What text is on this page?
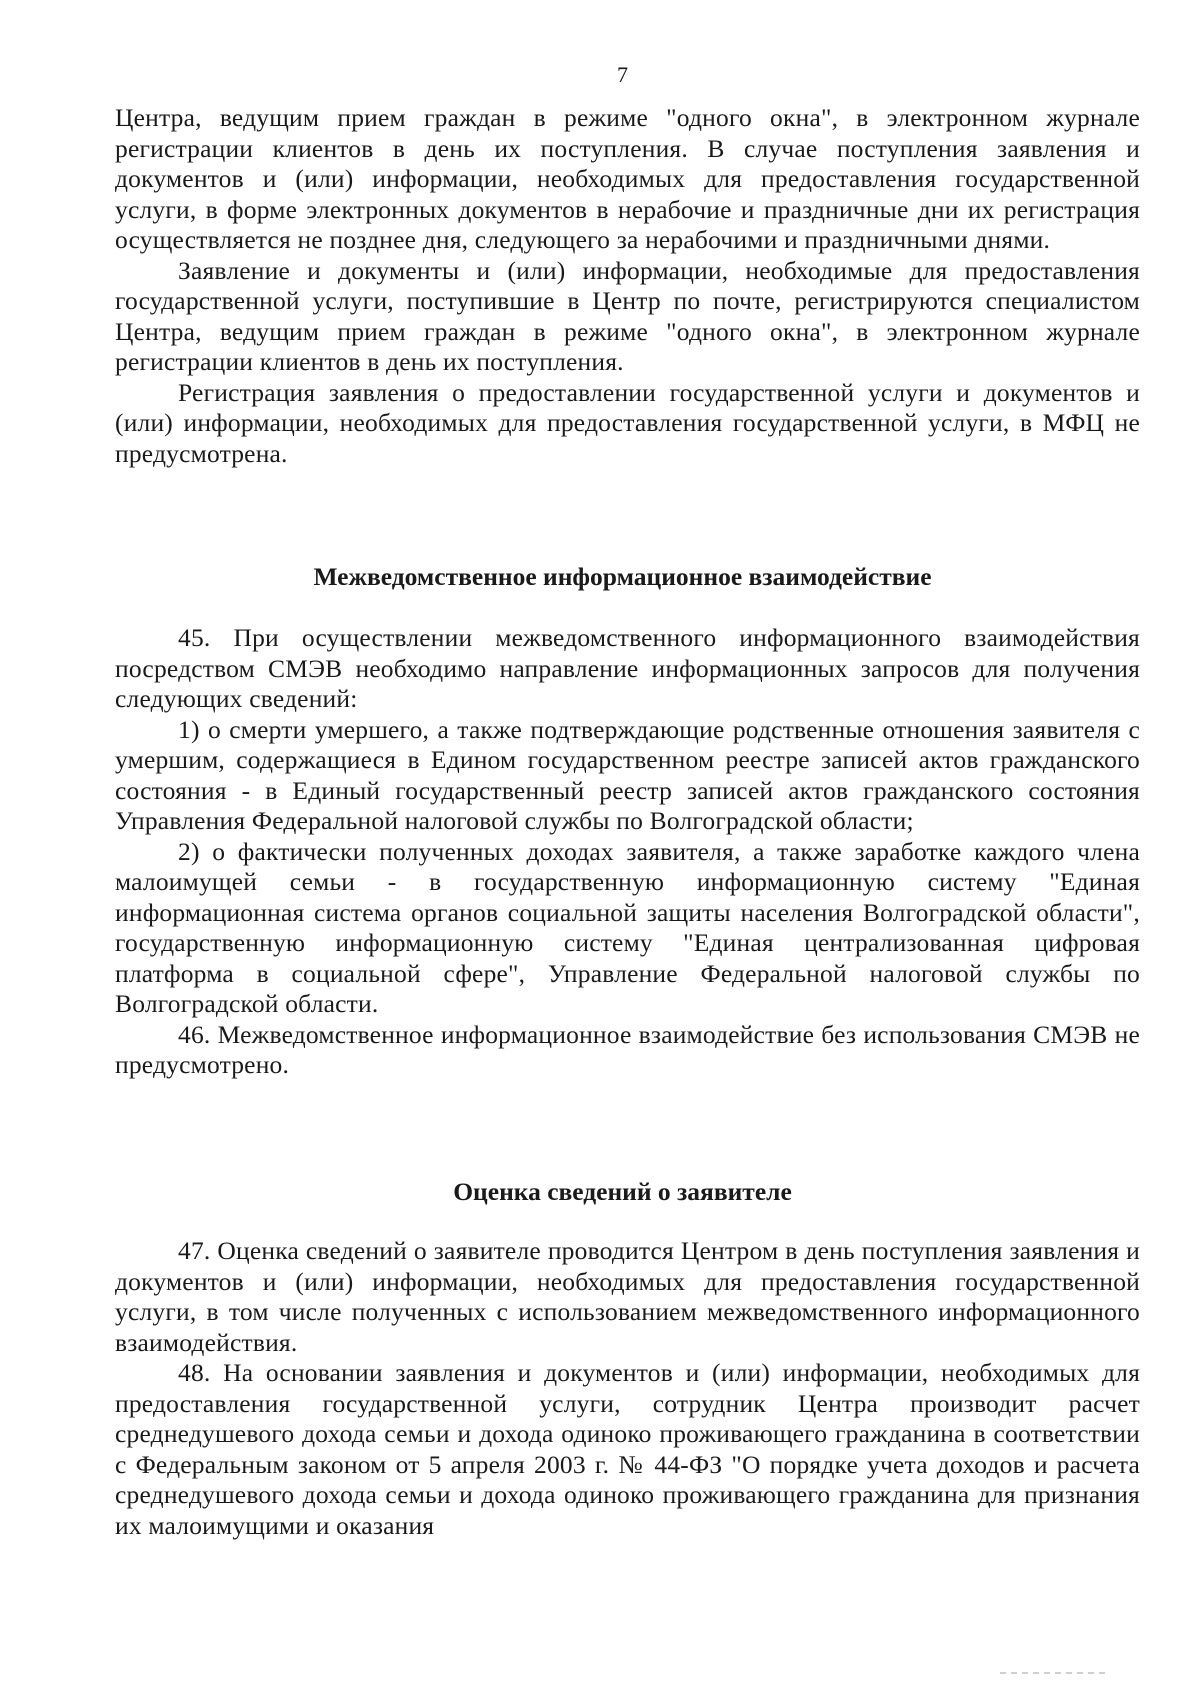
7

Центра, ведущим прием граждан в режиме "одного окна", в электронном журнале регистрации клиентов в день их поступления. В случае поступления заявления и документов и (или) информации, необходимых для предоставления государственной услуги, в форме электронных документов в нерабочие и праздничные дни их регистрация осуществляется не позднее дня, следующего за нерабочими и праздничными днями.

Заявление и документы и (или) информации, необходимые для предоставления государственной услуги, поступившие в Центр по почте, регистрируются специалистом Центра, ведущим прием граждан в режиме "одного окна", в электронном журнале регистрации клиентов в день их поступления.

Регистрация заявления о предоставлении государственной услуги и документов и (или) информации, необходимых для предоставления государственной услуги, в МФЦ не предусмотрена.

Межведомственное информационное взаимодействие

45. При осуществлении межведомственного информационного взаимодействия посредством СМЭВ необходимо направление информационных запросов для получения следующих сведений:

1) о смерти умершего, а также подтверждающие родственные отношения заявителя с умершим, содержащиеся в Едином государственном реестре записей актов гражданского состояния - в Единый государственный реестр записей актов гражданского состояния Управления Федеральной налоговой службы по Волгоградской области;

2) о фактически полученных доходах заявителя, а также заработке каждого члена малоимущей семьи - в государственную информационную систему "Единая информационная система органов социальной защиты населения Волгоградской области", государственную информационную систему "Единая централизованная цифровая платформа в социальной сфере", Управление Федеральной налоговой службы по Волгоградской области.

46. Межведомственное информационное взаимодействие без использования СМЭВ не предусмотрено.

Оценка сведений о заявителе

47. Оценка сведений о заявителе проводится Центром в день поступления заявления и документов и (или) информации, необходимых для предоставления государственной услуги, в том числе полученных с использованием межведомственного информационного взаимодействия.

48. На основании заявления и документов и (или) информации, необходимых для предоставления государственной услуги, сотрудник Центра производит расчет среднедушевого дохода семьи и дохода одиноко проживающего гражданина в соответствии с Федеральным законом от 5 апреля 2003 г. № 44-ФЗ "О порядке учета доходов и расчета среднедушевого дохода семьи и дохода одиноко проживающего гражданина для признания их малоимущими и оказания
